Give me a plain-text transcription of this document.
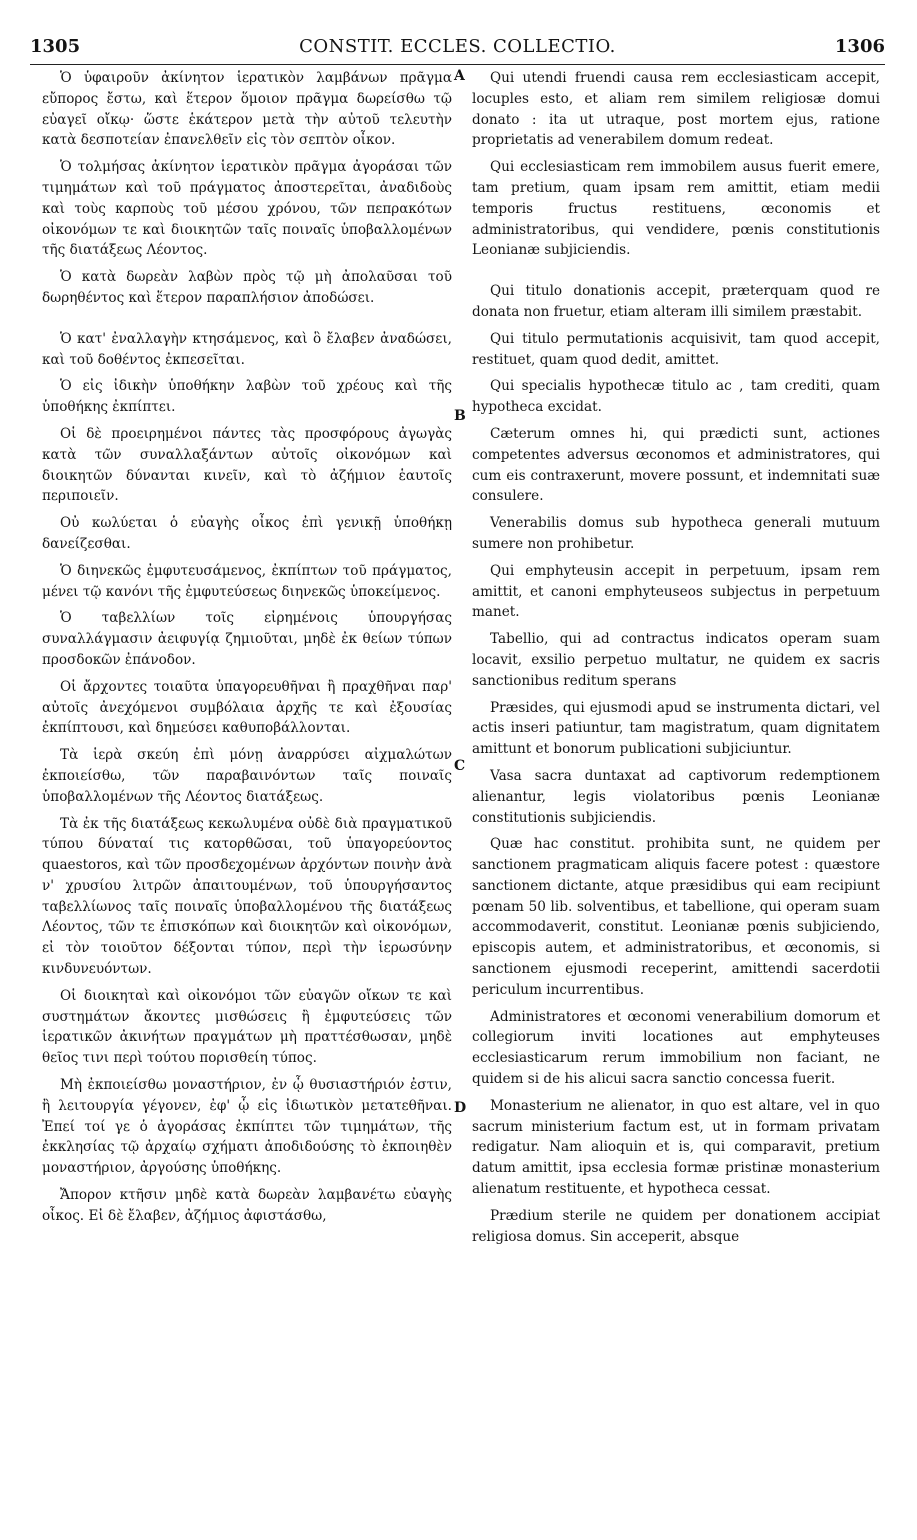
1305	CONSTIT. ECCLES. COLLECTIO.	1306
A
B
C
D

Ὁ ὑφαιροῦν ἀκίνητον ἱερατικὸν λαμβάνων πρᾶγμα εὔπορος ἔστω, καὶ ἕτερον ὅμοιον πρᾶγμα δωρείσθω τῷ εὐαγεῖ οἴκῳ· ὥστε ἑκάτερον μετὰ τὴν αὐτοῦ τελευτὴν κατὰ δεσποτείαν ἐπανελθεῖν εἰς τὸν σεπτὸν οἶκον.

Ὁ τολμήσας ἀκίνητον ἱερατικὸν πρᾶγμα ἀγοράσαι τῶν τιμημάτων καὶ τοῦ πράγματος ἀποστερεῖται, ἀναδιδοὺς καὶ τοὺς καρποὺς τοῦ μέσου χρόνου, τῶν πεπρακότων οἰκονόμων τε καὶ διοικητῶν ταῖς ποιναῖς ὑποβαλλομένων τῆς διατάξεως Λέοντος.

Ὁ κατὰ δωρεὰν λαβὼν πρὸς τῷ μὴ ἀπολαῦσαι τοῦ δωρηθέντος καὶ ἕτερον παραπλήσιον ἀποδώσει.

Ὁ κατ' ἐναλλαγὴν κτησάμενος, καὶ ὃ ἔλαβεν ἀναδώσει, καὶ τοῦ δοθέντος ἐκπεσεῖται.

Ὁ εἰς ἰδικὴν ὑποθήκην λαβὼν τοῦ χρέους καὶ τῆς ὑποθήκης ἐκπίπτει.

Οἱ δὲ προειρημένοι πάντες τὰς προσφόρους ἀγωγὰς κατὰ τῶν συναλλαξάντων αὐτοῖς οἰκονόμων καὶ διοικητῶν δύνανται κινεῖν, καὶ τὸ ἀζήμιον ἑαυτοῖς περιποιεῖν.

Οὐ κωλύεται ὁ εὐαγὴς οἶκος ἐπὶ γενικῇ ὑποθήκῃ δανείζεσθαι.

Ὁ διηνεκῶς ἐμφυτευσάμενος, ἐκπίπτων τοῦ πράγματος, μένει τῷ κανόνι τῆς ἐμφυτεύσεως διηνεκῶς ὑποκείμενος.

Ὁ ταβελλίων τοῖς εἰρημένοις ὑπουργήσας συναλλάγμασιν ἀειφυγίᾳ ζημιοῦται, μηδὲ ἐκ θείων τύπων προσδοκῶν ἐπάνοδον.

Οἱ ἄρχοντες τοιαῦτα ὑπαγορευθῆναι ἢ πραχθῆναι παρ' αὐτοῖς ἀνεχόμενοι συμβόλαια ἀρχῆς τε καὶ ἐξουσίας ἐκπίπτουσι, καὶ δημεύσει καθυποβάλλονται.

Τὰ ἱερὰ σκεύη ἐπὶ μόνῃ ἀναρρύσει αἰχμαλώτων ἐκποιείσθω, τῶν παραβαινόντων ταῖς ποιναῖς ὑποβαλλομένων τῆς Λέοντος διατάξεως.

Τὰ ἐκ τῆς διατάξεως κεκωλυμένα οὐδὲ διὰ πραγματικοῦ τύπου δύναταί τις κατορθῶσαι, τοῦ ὑπαγορεύοντος quaestoros, καὶ τῶν προσδεχομένων ἀρχόντων ποινὴν ἀνὰ ν' χρυσίου λιτρῶν ἀπαιτουμένων, τοῦ ὑπουργήσαντος ταβελλίωνος ταῖς ποιναῖς ὑποβαλλομένου τῆς διατάξεως Λέοντος, τῶν τε ἐπισκόπων καὶ διοικητῶν καὶ οἰκονόμων, εἰ τὸν τοιοῦτον δέξονται τύπον, περὶ τὴν ἱερωσύνην κινδυνευόντων.

Οἱ διοικηταὶ καὶ οἰκονόμοι τῶν εὐαγῶν οἴκων τε καὶ συστημάτων ἄκοντες μισθώσεις ἢ ἐμφυτεύσεις τῶν ἱερατικῶν ἀκινήτων πραγμάτων μὴ πραττέσθωσαν, μηδὲ θεῖος τινι περὶ τούτου πορισθείη τύπος.

Μὴ ἐκποιείσθω μοναστήριον, ἐν ᾧ θυσιαστήριόν ἐστιν, ἢ λειτουργία γέγονεν, ἐφ' ᾧ εἰς ἰδιωτικὸν μετατεθῆναι. Ἐπεί τοί γε ὁ ἀγοράσας ἐκπίπτει τῶν τιμημάτων, τῆς ἐκκλησίας τῷ ἀρχαίῳ σχήματι ἀποδιδούσης τὸ ἐκποιηθὲν μοναστήριον, ἀργούσης ὑποθήκης.

Ἄπορον κτῆσιν μηδὲ κατὰ δωρεὰν λαμβανέτω εὐαγὴς οἶκος. Εἰ δὲ ἔλαβεν, ἀζήμιος ἀφιστάσθω,

Qui utendi fruendi causa rem ecclesiasticam accepit, locuples esto, et aliam rem similem religiosæ domui donato : ita ut utraque, post mortem ejus, ratione proprietatis ad venerabilem domum redeat.

Qui ecclesiasticam rem immobilem ausus fuerit emere, tam pretium, quam ipsam rem amittit, etiam medii temporis fructus restituens, œconomis et administratoribus, qui vendidere, pœnis constitutionis Leonianæ subjiciendis.

Qui titulo donationis accepit, præterquam quod re donata non fruetur, etiam alteram illi similem præstabit.

Qui titulo permutationis acquisivit, tam quod accepit, restituet, quam quod dedit, amittet.

Qui specialis hypothecæ titulo ac , tam crediti, quam hypotheca excidat.

Cæterum omnes hi, qui prædicti sunt, actiones competentes adversus œconomos et administratores, qui cum eis contraxerunt, movere possunt, et indemnitati suæ consulere.

Venerabilis domus sub hypotheca generali mutuum sumere non prohibetur.

Qui emphyteusin accepit in perpetuum, ipsam rem amittit, et canoni emphyteuseos subjectus in perpetuum manet.

Tabellio, qui ad contractus indicatos operam suam locavit, exsilio perpetuo multatur, ne quidem ex sacris sanctionibus reditum sperans

Præsides, qui ejusmodi apud se instrumenta dictari, vel actis inseri patiuntur, tam magistratum, quam dignitatem amittunt et bonorum publicationi subjiciuntur.

Vasa sacra duntaxat ad captivorum redemptionem alienantur, legis violatoribus pœnis Leonianæ constitutionis subjiciendis.

Quæ hac constitut. prohibita sunt, ne quidem per sanctionem pragmaticam aliquis facere potest : quæstore sanctionem dictante, atque præsidibus qui eam recipiunt pœnam 50 lib. solventibus, et tabellione, qui operam suam accommodaverit, constitut. Leonianæ pœnis subjiciendo, episcopis autem, et administratoribus, et œconomis, si sanctionem ejusmodi receperint, amittendi sacerdotii periculum incurrentibus.

Administratores et œconomi venerabilium domorum et collegiorum inviti locationes aut emphyteuses ecclesiasticarum rerum immobilium non faciant, ne quidem si de his alicui sacra sanctio concessa fuerit.

Monasterium ne alienator, in quo est altare, vel in quo sacrum ministerium factum est, ut in formam privatam redigatur. Nam alioquin et is, qui comparavit, pretium datum amittit, ipsa ecclesia formæ pristinæ monasterium alienatum restituente, et hypotheca cessat.

Prædium sterile ne quidem per donationem accipiat religiosa domus. Sin acceperit, absque
